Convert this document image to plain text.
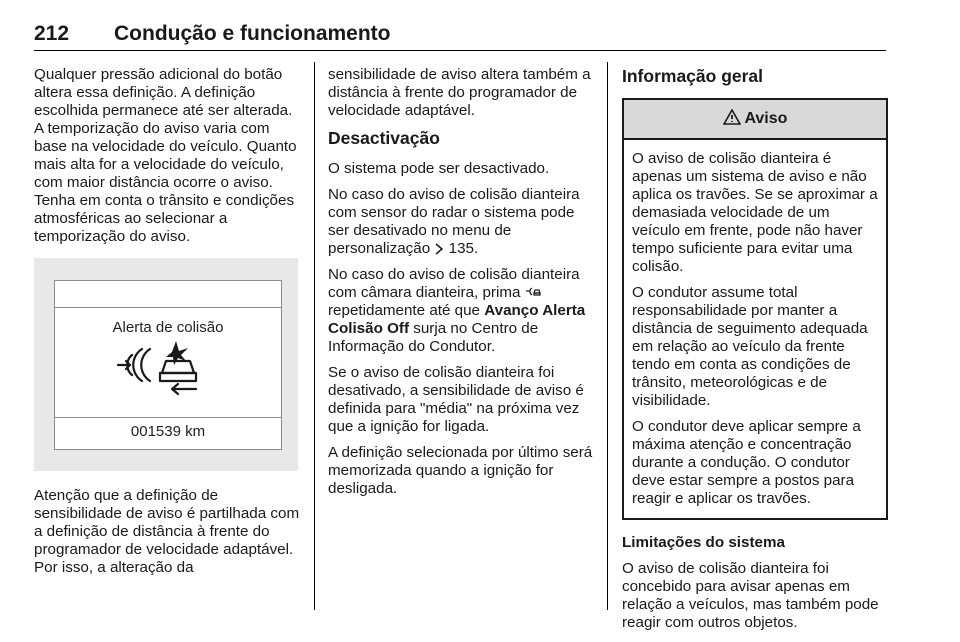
212 Condução e funcionamento

Qualquer pressão adicional do botão altera essa definição. A definição escolhida permanece até ser alterada. A temporização do aviso varia com base na velocidade do veículo. Quanto mais alta for a velocidade do veículo, com maior distância ocorre o aviso. Tenha em conta o trânsito e condições atmosféricas ao selecionar a temporização do aviso.

Alerta de colisão
001539 km

Atenção que a definição de sensibilidade de aviso é partilhada com a definição de distância à frente do programador de velocidade adaptável. Por isso, a alteração da

sensibilidade de aviso altera também a distância à frente do programador de velocidade adaptável.

Desactivação

O sistema pode ser desactivado.

No caso do aviso de colisão dianteira com sensor do radar o sistema pode ser desativado no menu de personalização 135.

No caso do aviso de colisão dianteira com câmara dianteira, prima  repetidamente até que Avanço Alerta Colisão Off surja no Centro de Informação do Condutor.

Se o aviso de colisão dianteira foi desativado, a sensibilidade de aviso é definida para "média" na próxima vez que a ignição for ligada.

A definição selecionada por último será memorizada quando a ignição for desligada.

Informação geral
Aviso

O aviso de colisão dianteira é apenas um sistema de aviso e não aplica os travões. Se se aproximar a demasiada velocidade de um veículo em frente, pode não haver tempo suficiente para evitar uma colisão.

O condutor assume total responsabilidade por manter a distância de seguimento adequada em relação ao veículo da frente tendo em conta as condições de trânsito, meteorológicas e de visibilidade.

O condutor deve aplicar sempre a máxima atenção e concentração durante a condução. O condutor deve estar sempre a postos para reagir e aplicar os travões.

Limitações do sistema

O aviso de colisão dianteira foi concebido para avisar apenas em relação a veículos, mas também pode reagir com outros objetos.
